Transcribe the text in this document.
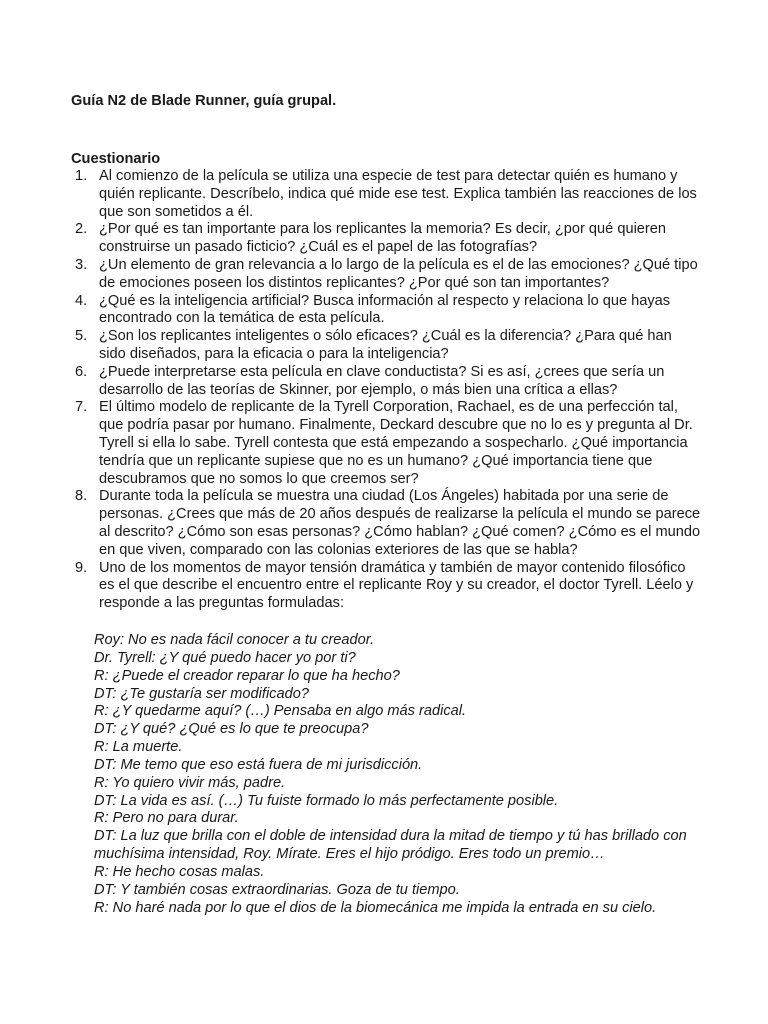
Guía N2 de Blade Runner, guía grupal.
Cuestionario
1. Al comienzo de la película se utiliza una especie de test para detectar quién es humano y quién replicante. Descríbelo, indica qué mide ese test. Explica también las reacciones de los que son sometidos a él.
2. ¿Por qué es tan importante para los replicantes la memoria? Es decir, ¿por qué quieren construirse un pasado ficticio? ¿Cuál es el papel de las fotografías?
3. ¿Un elemento de gran relevancia a lo largo de la película es el de las emociones? ¿Qué tipo de emociones poseen los distintos replicantes? ¿Por qué son tan importantes?
4. ¿Qué es la inteligencia artificial? Busca información al respecto y relaciona lo que hayas encontrado con la temática de esta película.
5. ¿Son los replicantes inteligentes o sólo eficaces? ¿Cuál es la diferencia? ¿Para qué han sido diseñados, para la eficacia o para la inteligencia?
6. ¿Puede interpretarse esta película en clave conductista? Si es así, ¿crees que sería un desarrollo de las teorías de Skinner, por ejemplo, o más bien una crítica a ellas?
7. El último modelo de replicante de la Tyrell Corporation, Rachael, es de una perfección tal, que podría pasar por humano. Finalmente, Deckard descubre que no lo es y pregunta al Dr. Tyrell si ella lo sabe. Tyrell contesta que está empezando a sospecharlo. ¿Qué importancia tendría que un replicante supiese que no es un humano? ¿Qué importancia tiene que descubramos que no somos lo que creemos ser?
8. Durante toda la película se muestra una ciudad (Los Ángeles) habitada por una serie de personas. ¿Crees que más de 20 años después de realizarse la película el mundo se parece al descrito? ¿Cómo son esas personas? ¿Cómo hablan? ¿Qué comen? ¿Cómo es el mundo en que viven, comparado con las colonias exteriores de las que se habla?
9. Uno de los momentos de mayor tensión dramática y también de mayor contenido filosófico es el que describe el encuentro entre el replicante Roy y su creador, el doctor Tyrell. Léelo y responde a las preguntas formuladas:
Roy: No es nada fácil conocer a tu creador.
Dr. Tyrell: ¿Y qué puedo hacer yo por ti?
R: ¿Puede el creador reparar lo que ha hecho?
DT: ¿Te gustaría ser modificado?
R: ¿Y quedarme aquí? (…) Pensaba en algo más radical.
DT: ¿Y qué? ¿Qué es lo que te preocupa?
R: La muerte.
DT: Me temo que eso está fuera de mi jurisdicción.
R: Yo quiero vivir más, padre.
DT: La vida es así. (…) Tu fuiste formado lo más perfectamente posible.
R: Pero no para durar.
DT: La luz que brilla con el doble de intensidad dura la mitad de tiempo y tú has brillado con muchísima intensidad, Roy. Mírate. Eres el hijo pródigo. Eres todo un premio…
R: He hecho cosas malas.
DT: Y también cosas extraordinarias. Goza de tu tiempo.
R: No haré nada por lo que el dios de la biomecánica me impida la entrada en su cielo.
